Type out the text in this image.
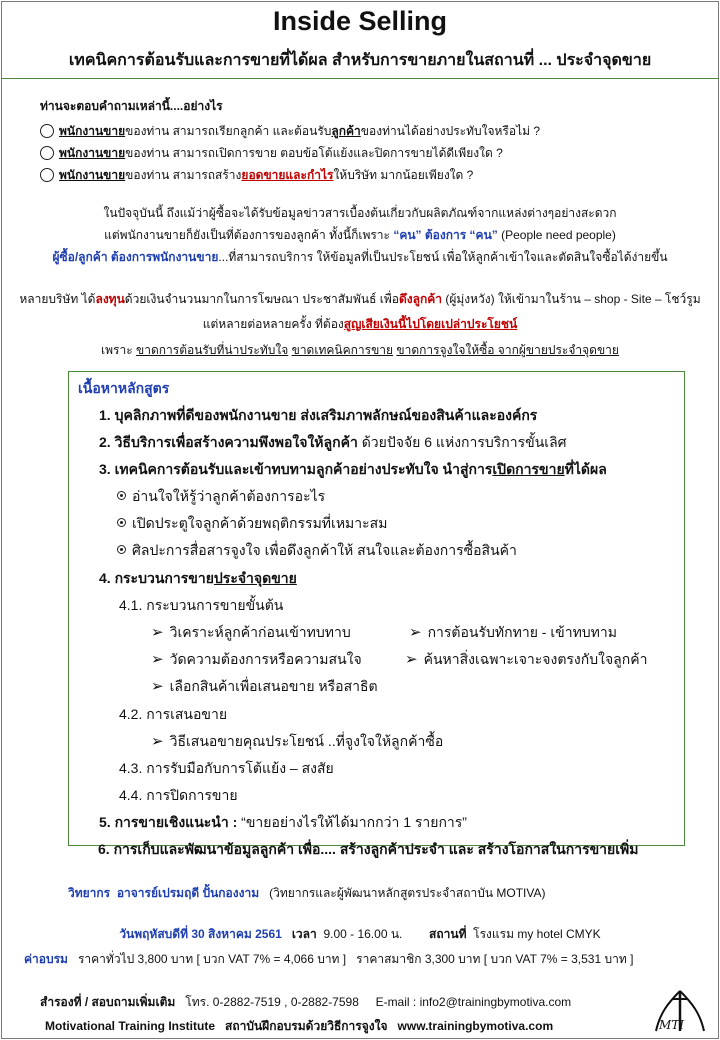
Inside Selling
เทคนิคการต้อนรับและการขายที่ได้ผล สำหรับการขายภายในสถานที่ ... ประจำจุดขาย
ท่านจะตอบคำถามเหล่านี้....อย่างไร
พนักงานขาย ของท่าน สามารถเรียกลูกค้า และต้อนรับ ลูกค้า ของท่านได้อย่างประทับใจหรือไม่ ?
พนักงานขาย ของท่าน สามารถเปิดการขาย ตอบข้อโต้แย้งและปิดการขายได้ดีเพียงใด ?
พนักงานขาย ของท่าน สามารถสร้าง ยอดขายและกำไร ให้บริษัท มากน้อยเพียงใด ?
ในปัจจุบันนี้ ถึงแม้ว่าผู้ซื้อจะได้รับข้อมูลข่าวสารเบื้องต้นเกี่ยวกับผลิตภัณฑ์จากแหล่งต่างๆอย่างสะดวก
แต่พนักงานขายก็ยังเป็นที่ต้องการของลูกค้า ทั้งนี้ก็เพราะ “คน” ต้องการ “คน” (People need people)
ผู้ซื้อ/ลูกค้า ต้องการพนักงานขาย...ที่สามารถบริการ ให้ข้อมูลที่เป็นประโยชน์ เพื่อให้ลูกค้าเข้าใจและตัดสินใจซื้อได้ง่ายขึ้น
หลายบริษัท ได้ลงทุนด้วยเงินจำนวนมากในการโฆษณา ประชาสัมพันธ์ เพื่อดึงลูกค้า (ผู้มุ่งหวัง) ให้เข้ามาในร้าน – shop - Site – โชว์รูม
แต่หลายต่อหลายครั้ง ที่ต้องสูญเสียเงินนี้ไปโดยเปล่าประโยชน์
เพราะ ขาดการต้อนรับที่น่าประทับใจ ขาดเทคนิคการขาย ขาดการจูงใจให้ซื้อ จากผู้ขายประจำจุดขาย
เนื้อหาหลักสูตร
1. บุคลิกภาพที่ดีของพนักงานขาย ส่งเสริมภาพลักษณ์ของสินค้าและองค์กร
2. วิธีบริการเพื่อสร้างความพึงพอใจให้ลูกค้า ด้วยปัจจัย 6 แห่งการบริการขั้นเลิศ
3. เทคนิคการต้อนรับและเข้าทบทามลูกค้าอย่างประทับใจ นำสู่การเปิดการขายที่ได้ผล
อ่านใจให้รู้ว่าลูกค้าต้องการอะไร
เปิดประตูใจลูกค้าด้วยพฤติกรรมที่เหมาะสม
ศิลปะการสื่อสารจูงใจ เพื่อดึงลูกค้าให้ สนใจและต้องการซื้อสินค้า
4. กระบวนการขายประจำจุดขาย
4.1. กระบวนการขายขั้นต้น
➢ วิเคราะห์ลูกค้าก่อนเข้าทบทาบ	➢ การต้อนรับทักทาย - เข้าทบทาม
➢ วัดความต้องการหรือความสนใจ	➢ ค้นหาสิ่งเฉพาะเจาะจงตรงกับใจลูกค้า
➢ เลือกสินค้าเพื่อเสนอขาย หรือสาธิต
4.2. การเสนอขาย
➢ วิธีเสนอขายคุณประโยชน์ ..ที่จูงใจให้ลูกค้าซื้อ
4.3. การรับมือกับการโต้แย้ง – สงสัย
4.4. การปิดการขาย
5. การขายเชิงแนะนำ : “ขายอย่างไรให้ได้มากกว่า 1 รายการ”
6. การเก็บและพัฒนาข้อมูลลูกค้า เพื่อ.... สร้างลูกค้าประจำ และ สร้างโอกาสในการขายเพิ่ม
วิทยากร อาจารย์เปรมฤดี ปั้นกองงาม (วิทยากรและผู้พัฒนาหลักสูตรประจำสถาบัน MOTIVA)
วันพฤหัสบดีที่ 30 สิงหาคม 2561 เวลา 9.00 - 16.00 น. สถานที่ โรงแรม my hotel CMYK
ค่าอบรม ราคาทั่วไป 3,800 บาท [ บวก VAT 7% = 4,066 บาท ] ราคาสมาชิก 3,300 บาท [ บวก VAT 7% = 3,531 บาท ]
สำรองที่ / สอบถามเพิ่มเติม โทร. 0-2882-7519 , 0-2882-7598 E-mail : info2@trainingbymotiva.com
Motivational Training Institute สถาบันฝึกอบรมด้วยวิธีการจูงใจ www.trainingbymotiva.com	MTI
